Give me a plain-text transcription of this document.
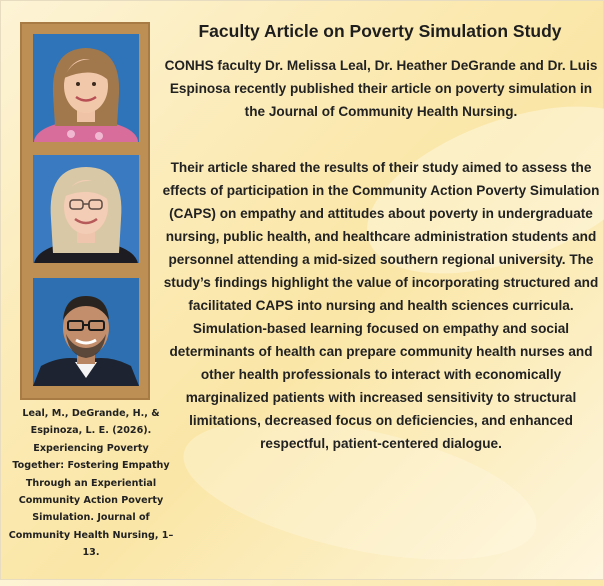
Leal, M., DeGrande, H., & Espinoza, L. E. (2026). Experiencing Poverty Together: Fostering Empathy Through an Experiential Community Action Poverty Simulation. Journal of Community Health Nursing, 1–13.
Faculty Article on Poverty Simulation Study
CONHS faculty Dr. Melissa Leal, Dr. Heather DeGrande and Dr. Luis Espinosa recently published their article on poverty simulation in the Journal of Community Health Nursing.
Their article shared the results of their study aimed to assess the effects of participation in the Community Action Poverty Simulation (CAPS) on empathy and attitudes about poverty in undergraduate nursing, public health, and healthcare administration students and personnel attending a mid-sized southern regional university. The study’s findings highlight the value of incorporating structured and facilitated CAPS into nursing and health sciences curricula. Simulation-based learning focused on empathy and social determinants of health can prepare community health nurses and other health professionals to interact with economically marginalized patients with increased sensitivity to structural limitations, decreased focus on deficiencies, and enhanced respectful, patient-centered dialogue.
